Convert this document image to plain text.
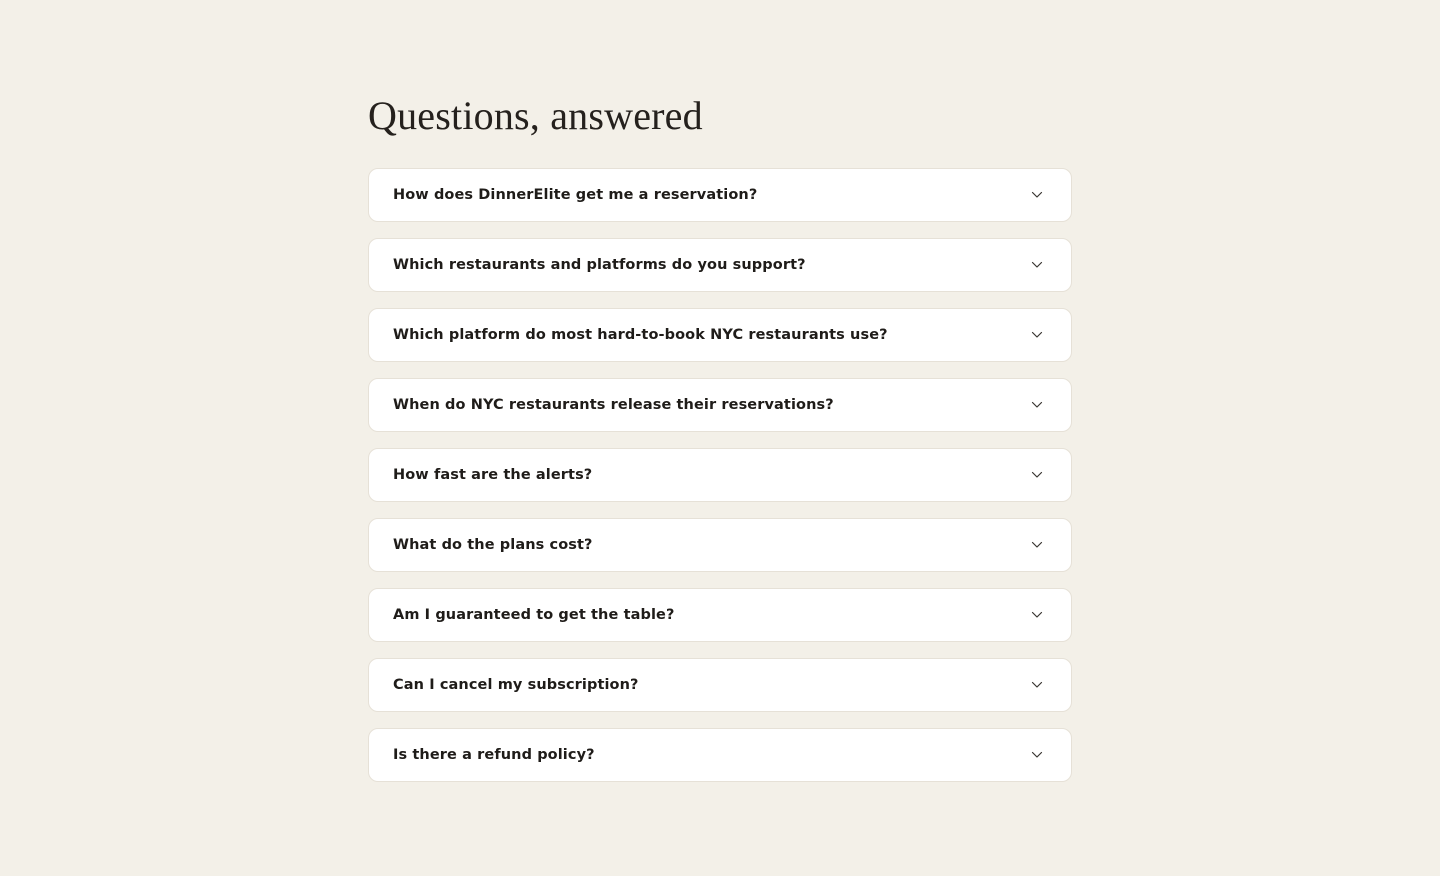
Questions, answered
How does DinnerElite get me a reservation?
Which restaurants and platforms do you support?
Which platform do most hard-to-book NYC restaurants use?
When do NYC restaurants release their reservations?
How fast are the alerts?
What do the plans cost?
Am I guaranteed to get the table?
Can I cancel my subscription?
Is there a refund policy?
